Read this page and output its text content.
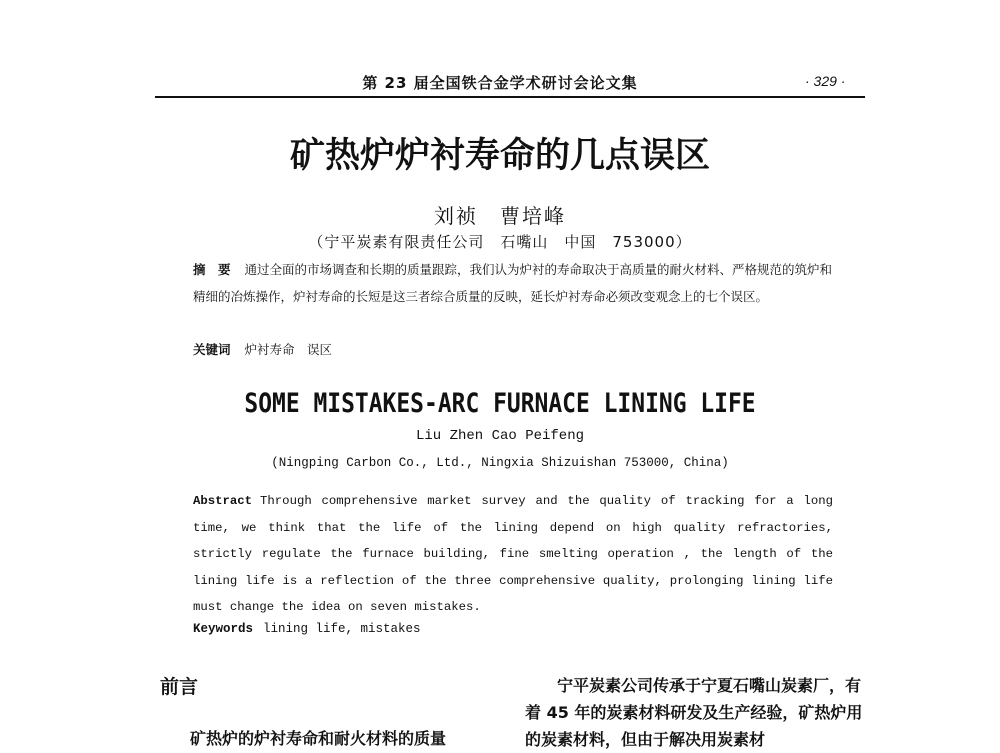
第 23 届全国铁合金学术研讨会论文集	· 329 ·
矿热炉炉衬寿命的几点误区
刘祯　曹培峰
（宁平炭素有限责任公司　石嘴山　中国　753000）
摘　要 通过全面的市场调查和长期的质量跟踪，我们认为炉衬的寿命取决于高质量的耐火材料、严格规范的筑炉和精细的冶炼操作，炉衬寿命的长短是这三者综合质量的反映，延长炉衬寿命必须改变观念上的七个误区。
关键词 炉衬寿命　误区
SOME MISTAKES-ARC FURNACE LINING LIFE
Liu Zhen Cao Peifeng
(Ningping Carbon Co., Ltd., Ningxia Shizuishan 753000, China)
Abstract Through comprehensive market survey and the quality of tracking for a long time, we think that the life of the lining depend on high quality refractories, strictly regulate the furnace building, fine smelting operation , the length of the lining life is a reflection of the three comprehensive quality, prolonging lining life must change the idea on seven mistakes.
Keywords lining life, mistakes
前言
矿热炉的炉衬寿命和耐火材料的质量
宁平炭素公司传承于宁夏石嘴山炭素厂，有着 45 年的炭素材料研发及生产经验，矿热炉用的炭素材料，但由于解决用炭素材
